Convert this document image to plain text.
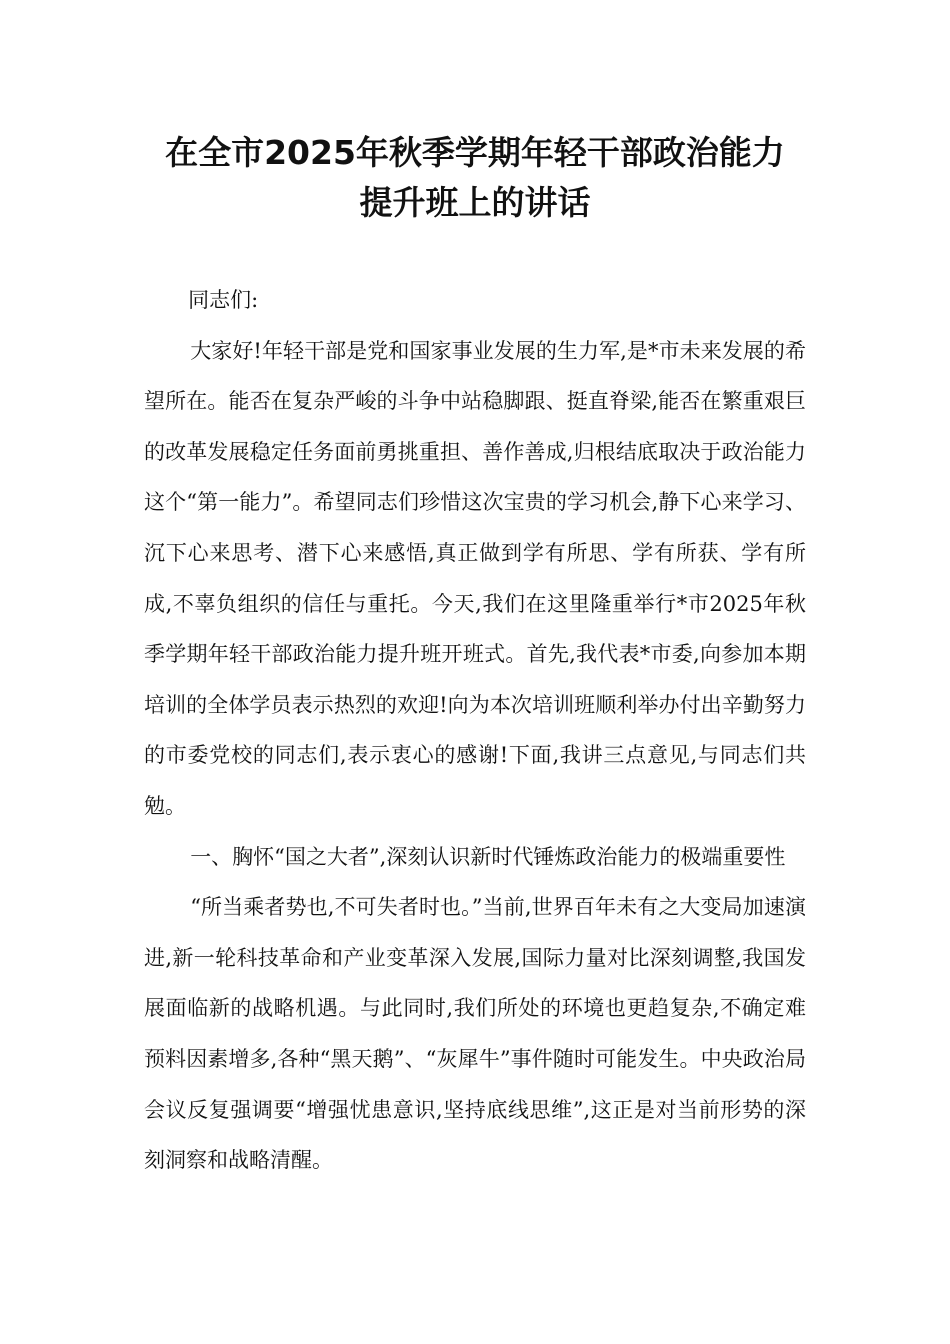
在全市2025年秋季学期年轻干部政治能力
提升班上的讲话

同志们:

大家好!年轻干部是党和国家事业发展的生力军,是*市未来发展的希望所在。能否在复杂严峻的斗争中站稳脚跟、挺直脊梁,能否在繁重艰巨的改革发展稳定任务面前勇挑重担、善作善成,归根结底取决于政治能力这个“第一能力”。希望同志们珍惜这次宝贵的学习机会,静下心来学习、沉下心来思考、潜下心来感悟,真正做到学有所思、学有所获、学有所成,不辜负组织的信任与重托。今天,我们在这里隆重举行*市2025年秋季学期年轻干部政治能力提升班开班式。首先,我代表*市委,向参加本期培训的全体学员表示热烈的欢迎!向为本次培训班顺利举办付出辛勤努力的市委党校的同志们,表示衷心的感谢!下面,我讲三点意见,与同志们共勉。

一、胸怀“国之大者”,深刻认识新时代锤炼政治能力的极端重要性

“所当乘者势也,不可失者时也。”当前,世界百年未有之大变局加速演进,新一轮科技革命和产业变革深入发展,国际力量对比深刻调整,我国发展面临新的战略机遇。与此同时,我们所处的环境也更趋复杂,不确定难预料因素增多,各种“黑天鹅”、“灰犀牛”事件随时可能发生。中央政治局会议反复强调要“增强忧患意识,坚持底线思维”,这正是对当前形势的深刻洞察和战略清醒。
